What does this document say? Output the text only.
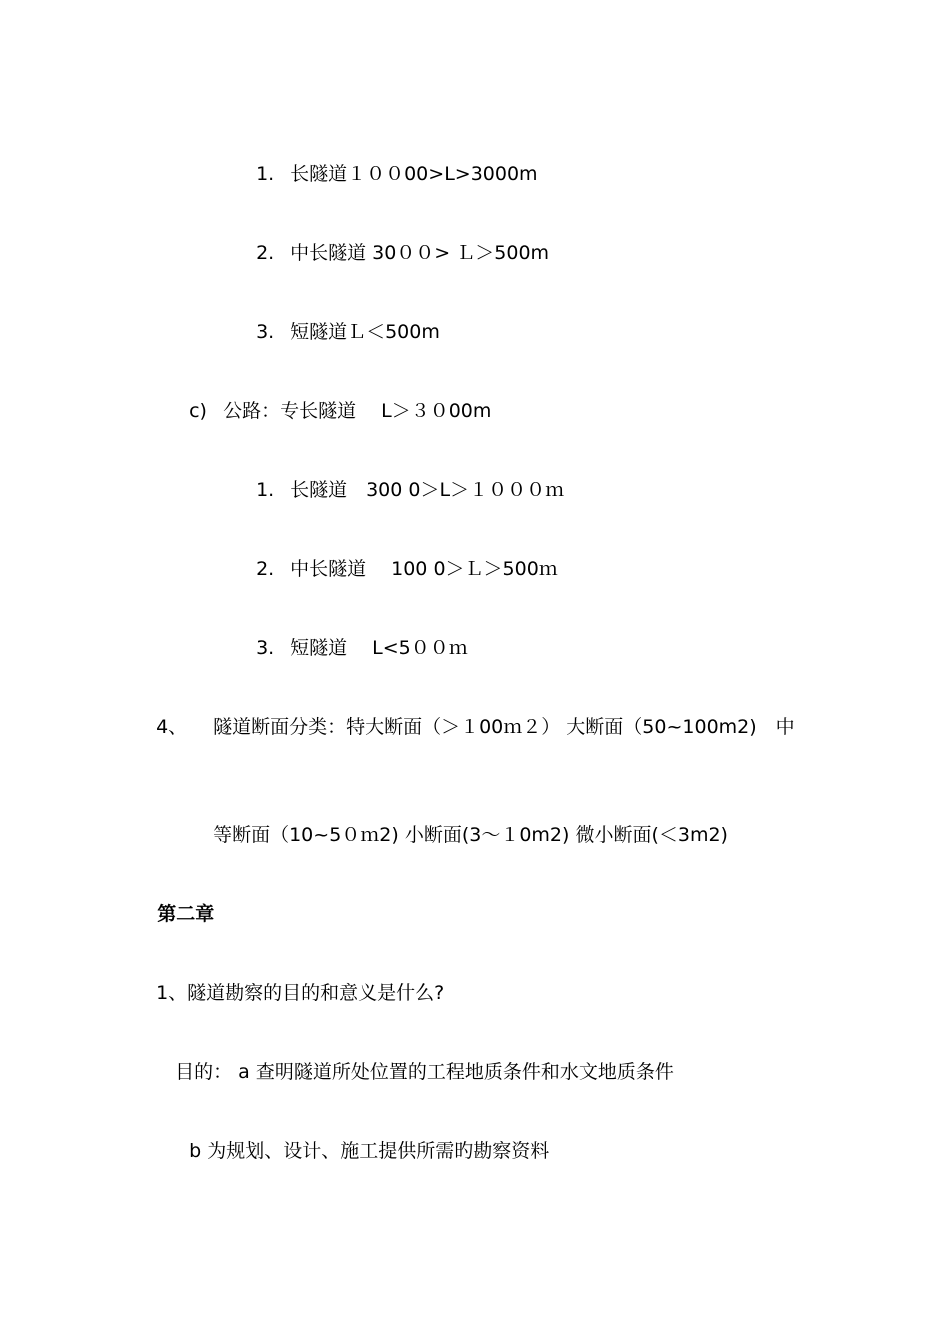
1. 长隧道１００00>L>3000m

2. 中长隧道 30００> Ｌ＞500m

3. 短隧道Ｌ＜500m

c) 公路：专长隧道　 L＞３０00m

1. 长隧道　300 0＞L＞１０００ｍ

2. 中长隧道　 100 0＞Ｌ＞500ｍ

3. 短隧道　 L<5００ｍ

4、 隧道断面分类：特大断面（＞１00ｍ２） 大断面（50~100m2)　中

等断面（10~5０ｍ2) 小断面(3～１0m2) 微小断面(＜3m2)

第二章

1、隧道勘察的目的和意义是什么?

目的： a 查明隧道所处位置的工程地质条件和水文地质条件

b 为规划、设计、施工提供所需旳勘察资料
